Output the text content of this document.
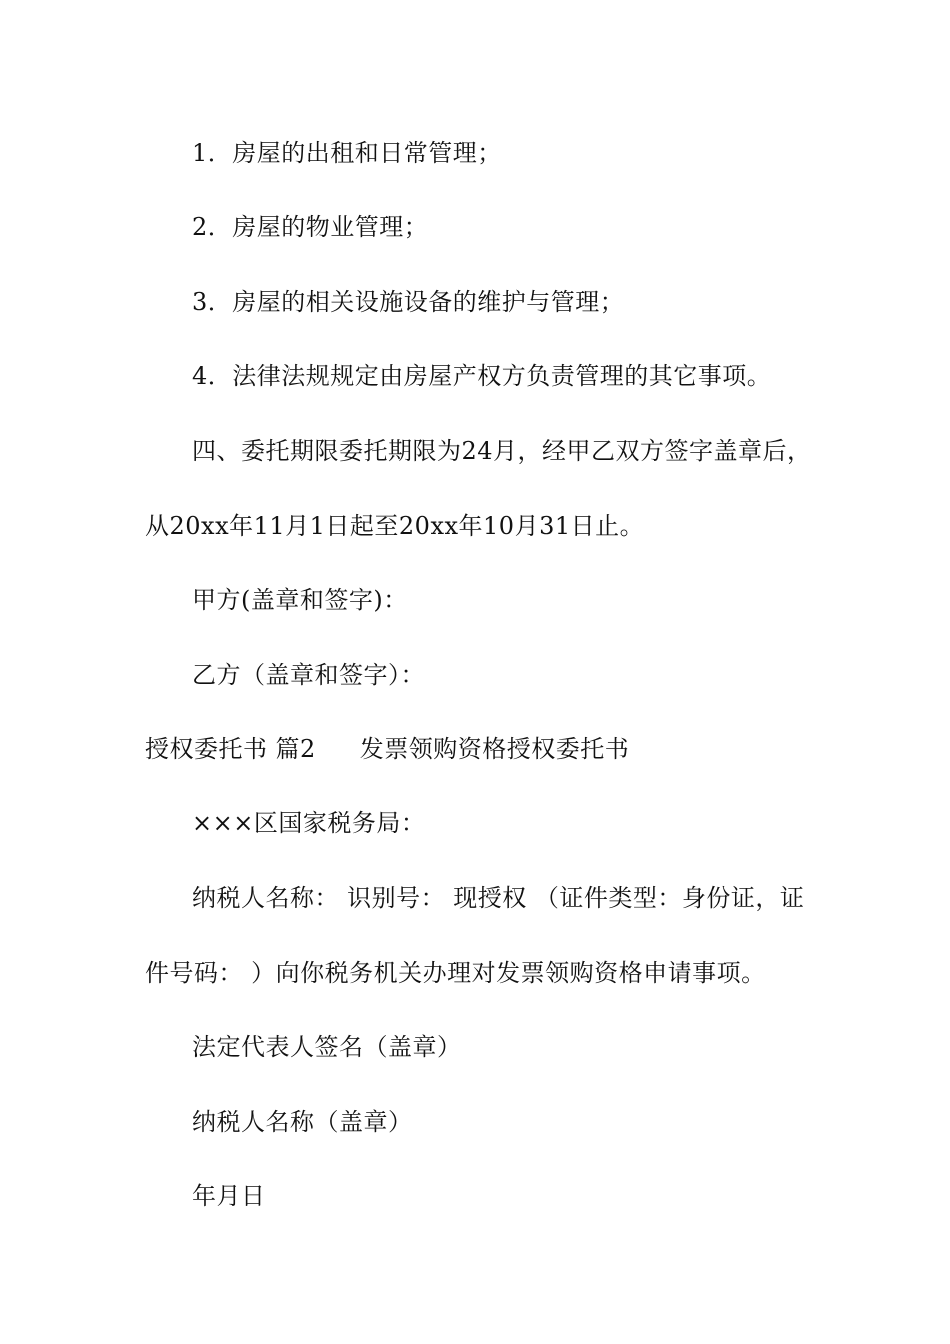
1．房屋的出租和日常管理；
2．房屋的物业管理；
3．房屋的相关设施设备的维护与管理；
4．法律法规规定由房屋产权方负责管理的其它事项。
四、委托期限委托期限为24月，经甲乙双方签字盖章后，
从20xx年11月1日起至20xx年10月31日止。
甲方(盖章和签字)：
乙方（盖章和签字）：
授权委托书 篇2 发票领购资格授权委托书
×××区国家税务局：
纳税人名称： 识别号： 现授权 （证件类型：身份证，证
件号码： ）向你税务机关办理对发票领购资格申请事项。
法定代表人签名（盖章）
纳税人名称（盖章）
年月日
